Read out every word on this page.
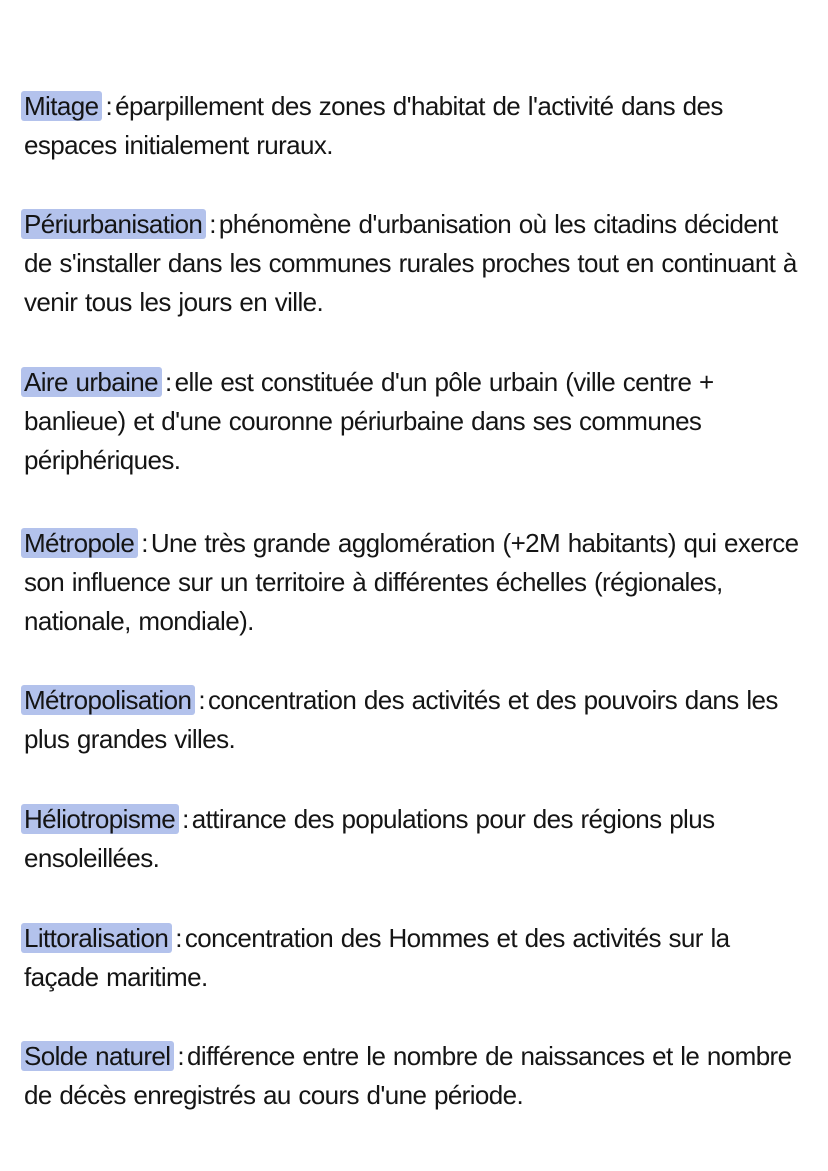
Mitage : éparpillement des zones d'habitat de l'activité dans des espaces initialement ruraux.

Périurbanisation : phénomène d'urbanisation où les citadins décident de s'installer dans les communes rurales proches tout en continuant à venir tous les jours en ville.

Aire urbaine : elle est constituée d'un pôle urbain (ville centre + banlieue) et d'une couronne périurbaine dans ses communes périphériques.

Métropole : Une très grande agglomération (+2M habitants) qui exerce son influence sur un territoire à différentes échelles (régionales, nationale, mondiale).

Métropolisation : concentration des activités et des pouvoirs dans les plus grandes villes.

Héliotropisme : attirance des populations pour des régions plus ensoleillées.

Littoralisation : concentration des Hommes et des activités sur la façade maritime.

Solde naturel : différence entre le nombre de naissances et le nombre de décès enregistrés au cours d'une période.
